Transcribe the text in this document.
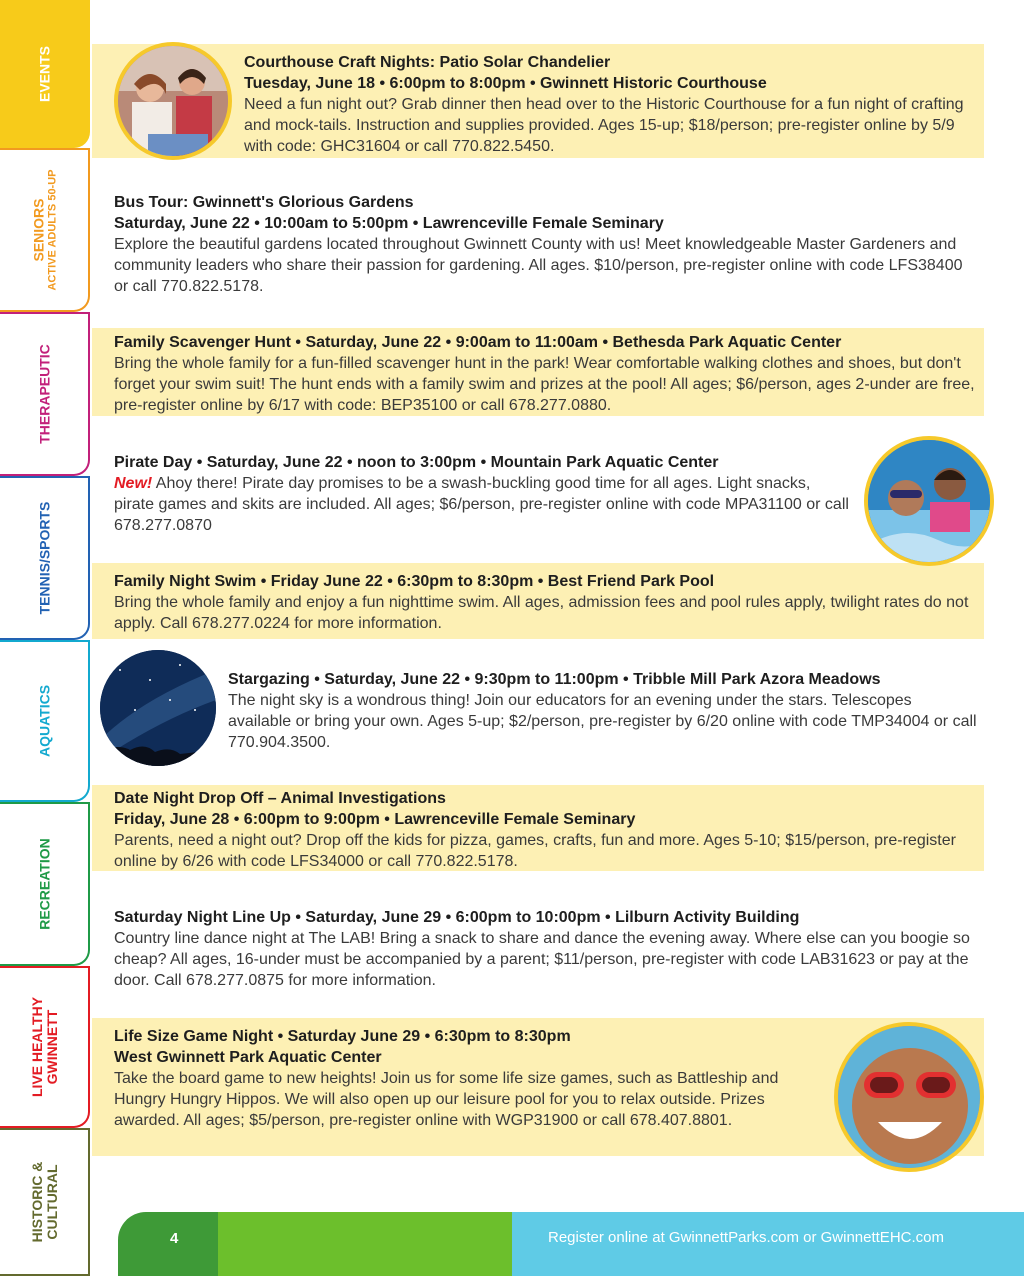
EVENTS
SENIORS ACTIVE ADULTS 50-UP
THERAPEUTIC
TENNIS/SPORTS
AQUATICS
RECREATION
LIVE HEALTHY GWINNETT
HISTORIC & CULTURAL
Courthouse Craft Nights: Patio Solar Chandelier
Tuesday, June 18 • 6:00pm to 8:00pm • Gwinnett Historic Courthouse
Need a fun night out? Grab dinner then head over to the Historic Courthouse for a fun night of crafting and mock-tails. Instruction and supplies provided. Ages 15-up; $18/person; pre-register online by 5/9 with code: GHC31604 or call 770.822.5450.
Bus Tour: Gwinnett's Glorious Gardens
Saturday, June 22 • 10:00am to 5:00pm • Lawrenceville Female Seminary
Explore the beautiful gardens located throughout Gwinnett County with us! Meet knowledgeable Master Gardeners and community leaders who share their passion for gardening. All ages. $10/person, pre-register online with code LFS38400 or call 770.822.5178.
Family Scavenger Hunt • Saturday, June 22 • 9:00am to 11:00am • Bethesda Park Aquatic Center
Bring the whole family for a fun-filled scavenger hunt in the park! Wear comfortable walking clothes and shoes, but don't forget your swim suit! The hunt ends with a family swim and prizes at the pool! All ages; $6/person, ages 2-under are free, pre-register online by 6/17 with code: BEP35100 or call 678.277.0880.
Pirate Day • Saturday, June 22 • noon to 3:00pm • Mountain Park Aquatic Center
New! Ahoy there! Pirate day promises to be a swash-buckling good time for all ages. Light snacks, pirate games and skits are included. All ages; $6/person, pre-register online with code MPA31100 or call 678.277.0870
Family Night Swim • Friday June 22 • 6:30pm to 8:30pm • Best Friend Park Pool
Bring the whole family and enjoy a fun nighttime swim. All ages, admission fees and pool rules apply, twilight rates do not apply. Call 678.277.0224 for more information.
Stargazing • Saturday, June 22 • 9:30pm to 11:00pm • Tribble Mill Park Azora Meadows
The night sky is a wondrous thing! Join our educators for an evening under the stars. Telescopes available or bring your own. Ages 5-up; $2/person, pre-register by 6/20 online with code TMP34004 or call 770.904.3500.
Date Night Drop Off – Animal Investigations
Friday, June 28 • 6:00pm to 9:00pm • Lawrenceville Female Seminary
Parents, need a night out? Drop off the kids for pizza, games, crafts, fun and more. Ages 5-10; $15/person, pre-register online by 6/26 with code LFS34000 or call 770.822.5178.
Saturday Night Line Up • Saturday, June 29 • 6:00pm to 10:00pm • Lilburn Activity Building
Country line dance night at The LAB! Bring a snack to share and dance the evening away. Where else can you boogie so cheap? All ages, 16-under must be accompanied by a parent; $11/person, pre-register with code LAB31623 or pay at the door. Call 678.277.0875 for more information.
Life Size Game Night • Saturday June 29 • 6:30pm to 8:30pm
West Gwinnett Park Aquatic Center
Take the board game to new heights! Join us for some life size games, such as Battleship and Hungry Hungry Hippos. We will also open up our leisure pool for you to relax outside. Prizes awarded. All ages; $5/person, pre-register online with WGP31900 or call 678.407.8801.
4	Register online at GwinnettParks.com or GwinnettEHC.com
